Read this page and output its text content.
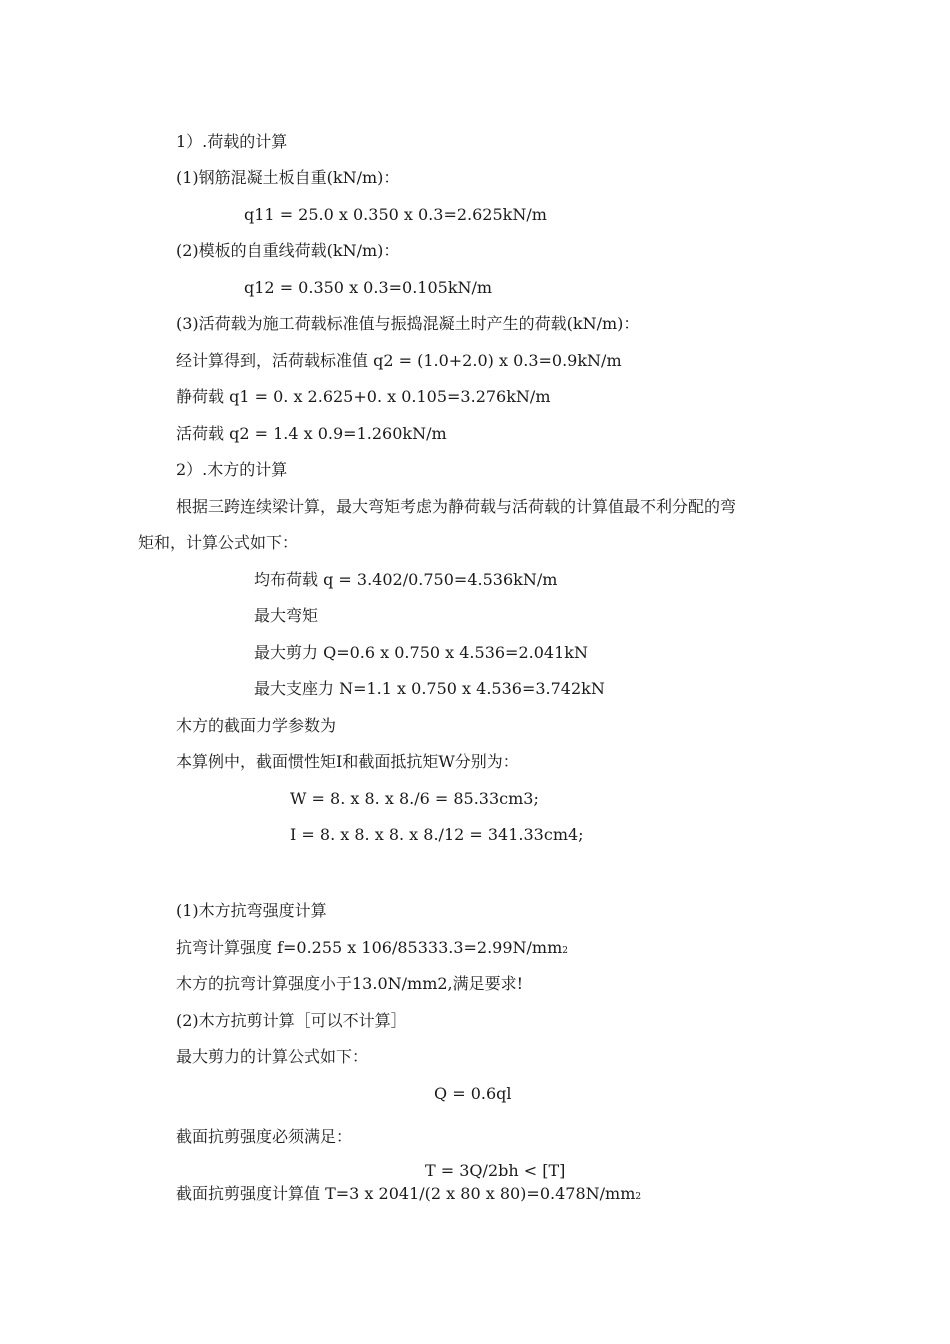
1）.荷载的计算
(1)钢筋混凝土板自重(kN/m)：
q11 = 25.0 x 0.350 x 0.3=2.625kN/m
(2)模板的自重线荷载(kN/m)：
q12 = 0.350 x 0.3=0.105kN/m
(3)活荷载为施工荷载标准值与振捣混凝土时产生的荷载(kN/m)：
经计算得到，活荷载标准值 q2 = (1.0+2.0) x 0.3=0.9kN/m
静荷载 q1 = 0. x 2.625+0. x 0.105=3.276kN/m
活荷载 q2 = 1.4 x 0.9=1.260kN/m
2）.木方的计算
根据三跨连续梁计算，最大弯矩考虑为静荷载与活荷载的计算值最不利分配的弯
矩和，计算公式如下：
均布荷载 q = 3.402/0.750=4.536kN/m
最大弯矩
最大剪力 Q=0.6 x 0.750 x 4.536=2.041kN
最大支座力 N=1.1 x 0.750 x 4.536=3.742kN
木方的截面力学参数为
本算例中，截面惯性矩I和截面抵抗矩W分别为：
W = 8. x 8. x 8./6 = 85.33cm3;
I = 8. x 8. x 8. x 8./12 = 341.33cm4;
(1)木方抗弯强度计算
抗弯计算强度 f=0.255 x 106/85333.3=2.99N/mm2
木方的抗弯计算强度小于13.0N/mm2,满足要求!
(2)木方抗剪计算［可以不计算］
最大剪力的计算公式如下：
Q = 0.6ql
截面抗剪强度必须满足：
T = 3Q/2bh < [T]
截面抗剪强度计算值 T=3 x 2041/(2 x 80 x 80)=0.478N/mm2
